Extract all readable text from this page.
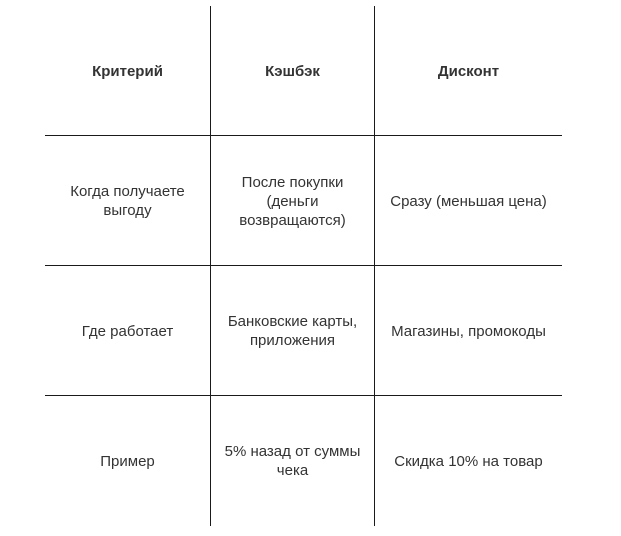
Критерий	Кэшбэк	Дисконт
Когда получаете выгоду
После покупки (деньги возвращаются)
Сразу (меньшая цена)
Где работает
Банковские карты, приложения
Магазины, промокоды
Пример
5% назад от суммы чека
Скидка 10% на товар
